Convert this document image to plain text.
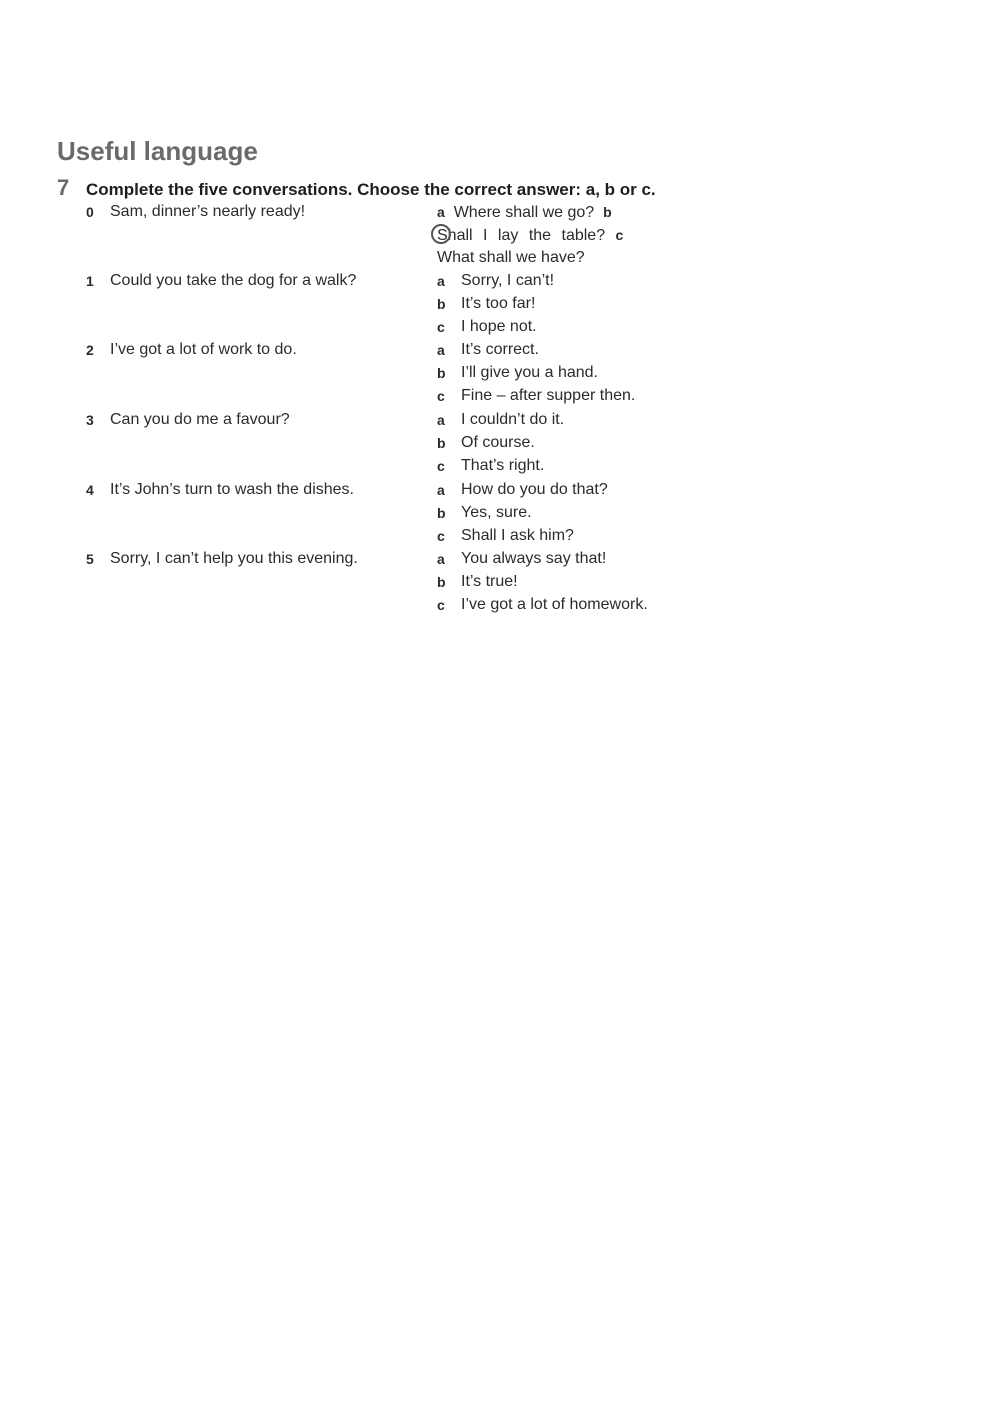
Useful language
7 Complete the five conversations. Choose the correct answer: a, b or c.
0 Sam, dinner’s nearly ready!	a Where shall we go? b
Shall I lay the table? c
What shall we have?
1 Could you take the dog for a walk?	a Sorry, I can’t!
b It’s too far!
c I hope not.
2 I’ve got a lot of work to do.	a It’s correct.
b I’ll give you a hand.
c Fine – after supper then.
3 Can you do me a favour?	a I couldn’t do it.
b Of course.
c That’s right.
4 It’s John’s turn to wash the dishes.	a How do you do that?
b Yes, sure.
c Shall I ask him?
5 Sorry, I can’t help you this evening.	a You always say that!
b It’s true!
c I’ve got a lot of homework.
